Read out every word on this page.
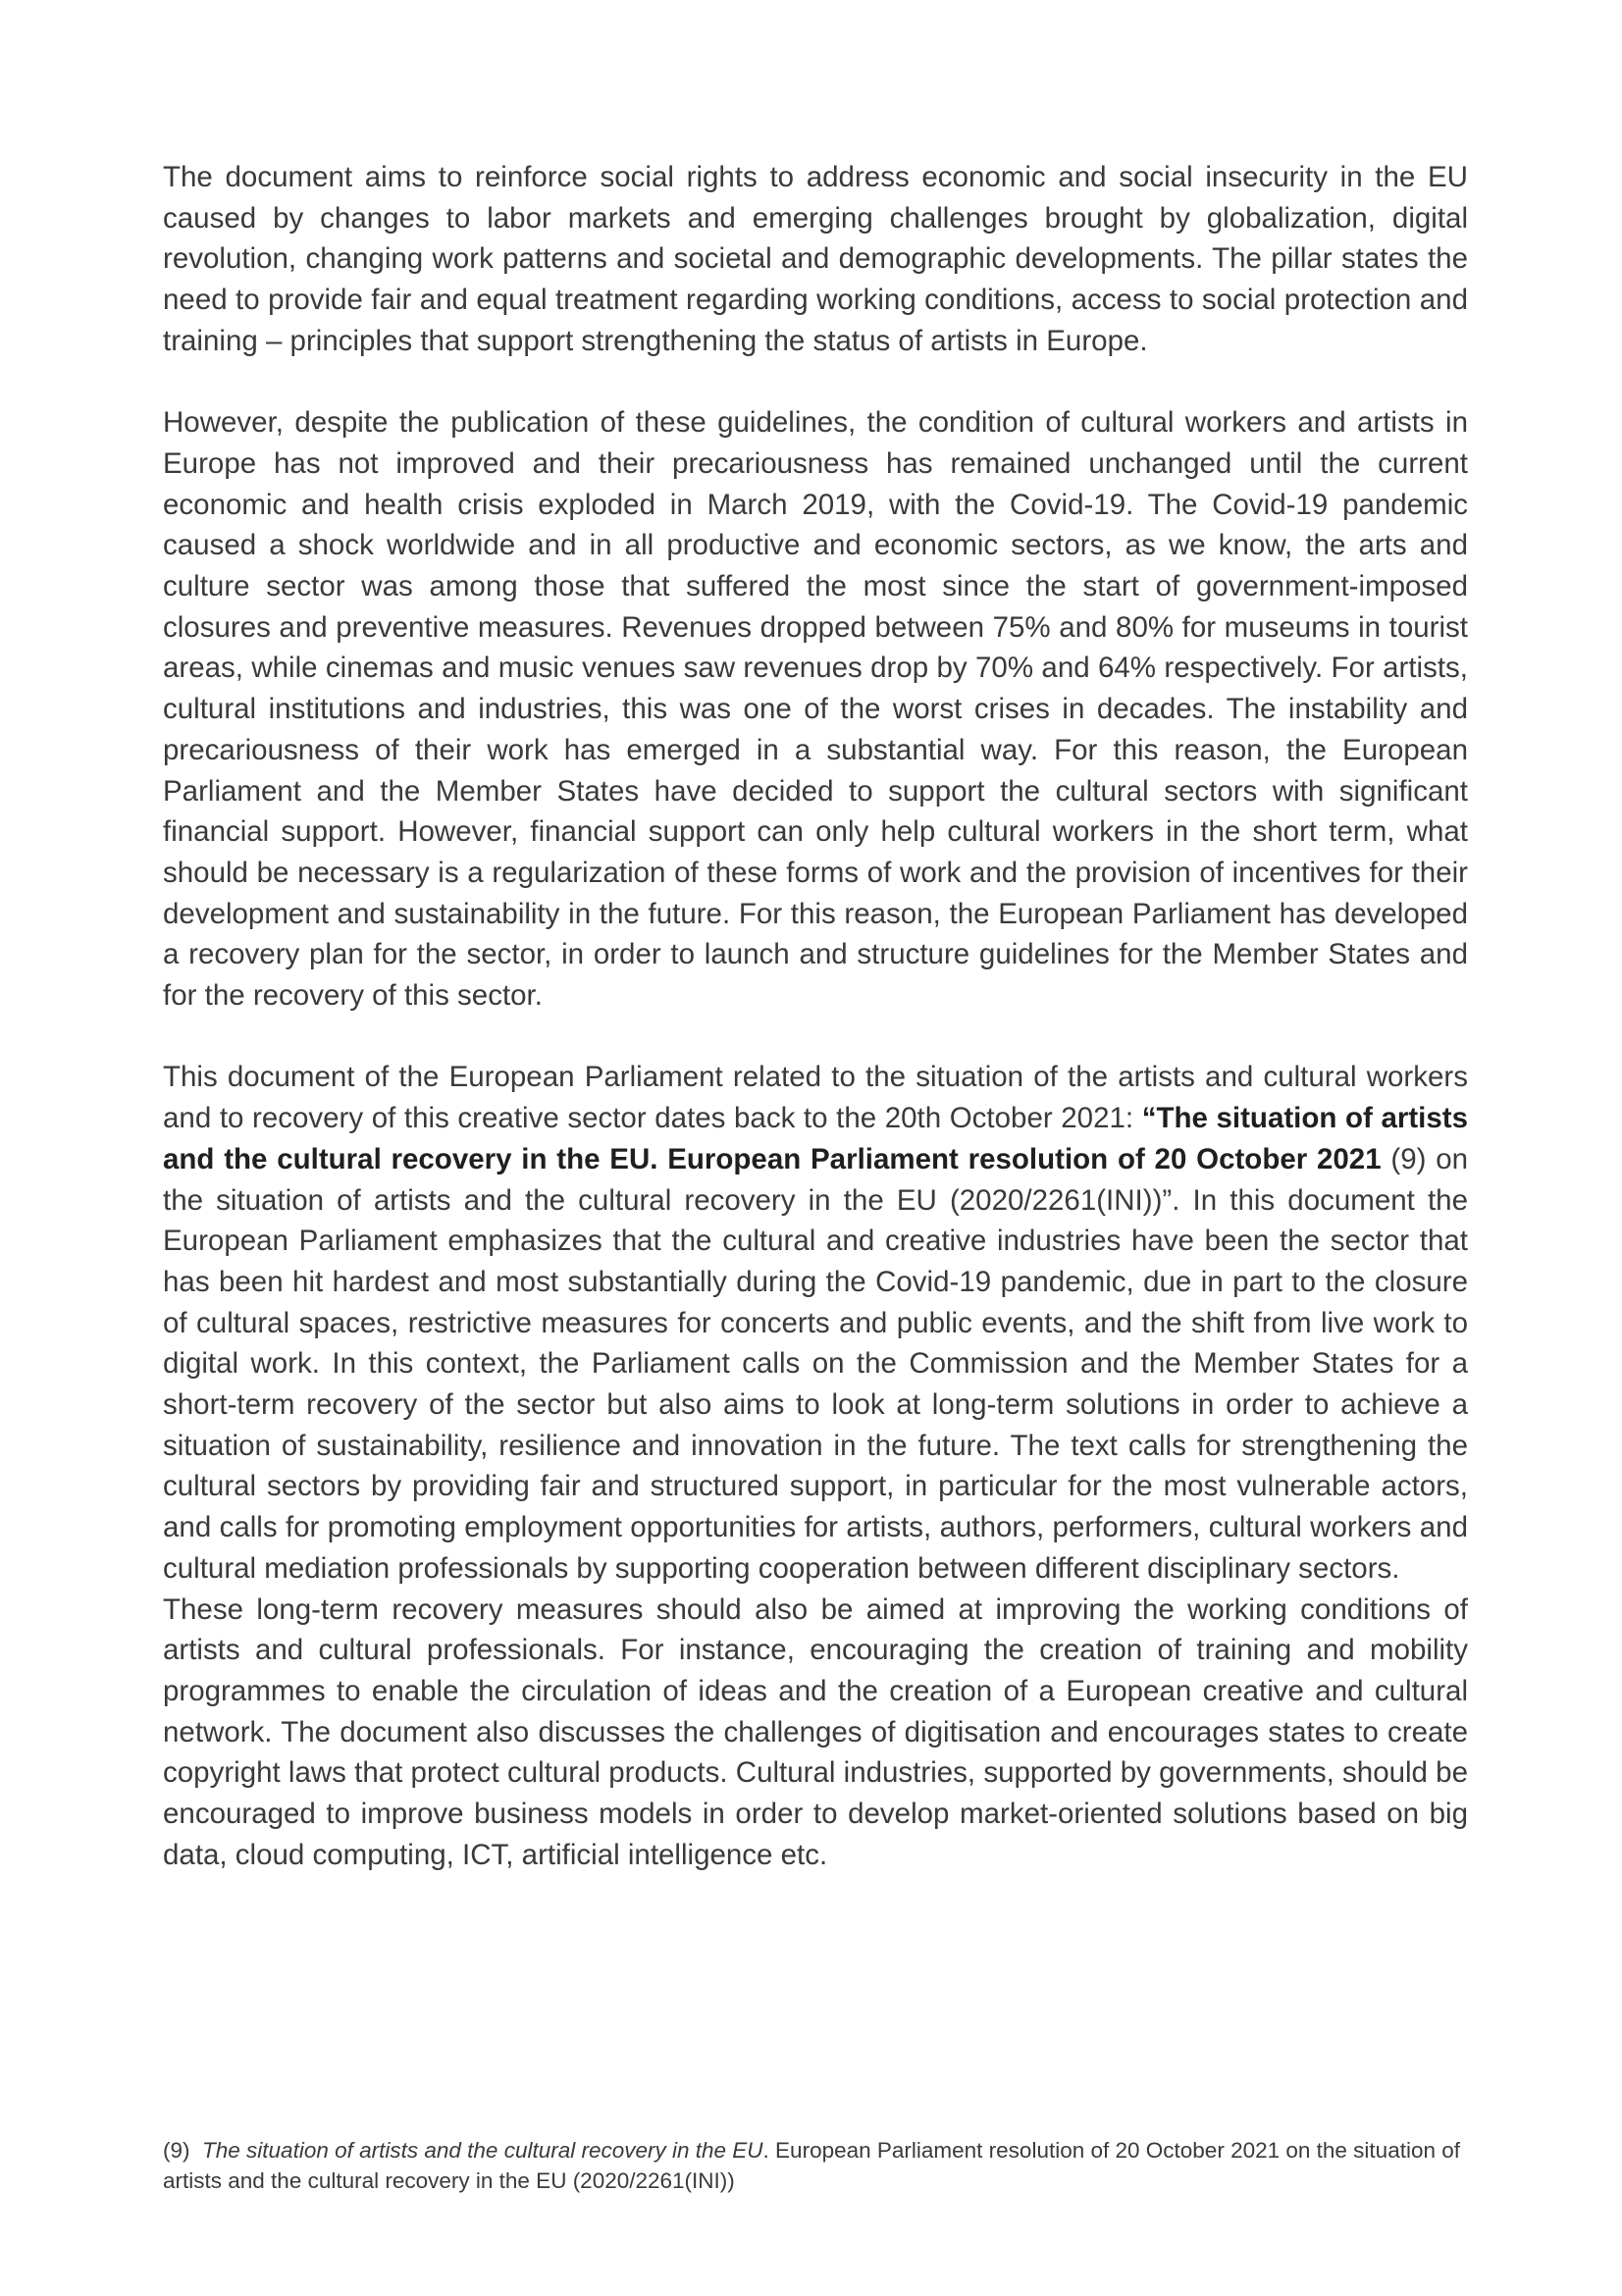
The document aims to reinforce social rights to address economic and social insecurity in the EU caused by changes to labor markets and emerging challenges brought by globalization, digital revolution, changing work patterns and societal and demographic developments. The pillar states the need to provide fair and equal treatment regarding working conditions, access to social protection and training – principles that support strengthening the status of artists in Europe.

However, despite the publication of these guidelines, the condition of cultural workers and artists in Europe has not improved and their precariousness has remained unchanged until the current economic and health crisis exploded in March 2019, with the Covid-19. The Covid-19 pandemic caused a shock worldwide and in all productive and economic sectors, as we know, the arts and culture sector was among those that suffered the most since the start of government-imposed closures and preventive measures. Revenues dropped between 75% and 80% for museums in tourist areas, while cinemas and music venues saw revenues drop by 70% and 64% respectively. For artists, cultural institutions and industries, this was one of the worst crises in decades. The instability and precariousness of their work has emerged in a substantial way. For this reason, the European Parliament and the Member States have decided to support the cultural sectors with significant financial support. However, financial support can only help cultural workers in the short term, what should be necessary is a regularization of these forms of work and the provision of incentives for their development and sustainability in the future. For this reason, the European Parliament has developed a recovery plan for the sector, in order to launch and structure guidelines for the Member States and for the recovery of this sector.

This document of the European Parliament related to the situation of the artists and cultural workers and to recovery of this creative sector dates back to the 20th October 2021: “The situation of artists and the cultural recovery in the EU. European Parliament resolution of 20 October 2021 (9) on the situation of artists and the cultural recovery in the EU (2020/2261(INI))”. In this document the European Parliament emphasizes that the cultural and creative industries have been the sector that has been hit hardest and most substantially during the Covid-19 pandemic, due in part to the closure of cultural spaces, restrictive measures for concerts and public events, and the shift from live work to digital work. In this context, the Parliament calls on the Commission and the Member States for a short-term recovery of the sector but also aims to look at long-term solutions in order to achieve a situation of sustainability, resilience and innovation in the future. The text calls for strengthening the cultural sectors by providing fair and structured support, in particular for the most vulnerable actors, and calls for promoting employment opportunities for artists, authors, performers, cultural workers and cultural mediation professionals by supporting cooperation between different disciplinary sectors.

These long-term recovery measures should also be aimed at improving the working conditions of artists and cultural professionals. For instance, encouraging the creation of training and mobility programmes to enable the circulation of ideas and the creation of a European creative and cultural network. The document also discusses the challenges of digitisation and encourages states to create copyright laws that protect cultural products. Cultural industries, supported by governments, should be encouraged to improve business models in order to develop market-oriented solutions based on big data, cloud computing, ICT, artificial intelligence etc.

(9) The situation of artists and the cultural recovery in the EU. European Parliament resolution of 20 October 2021 on the situation of artists and the cultural recovery in the EU (2020/2261(INI))
